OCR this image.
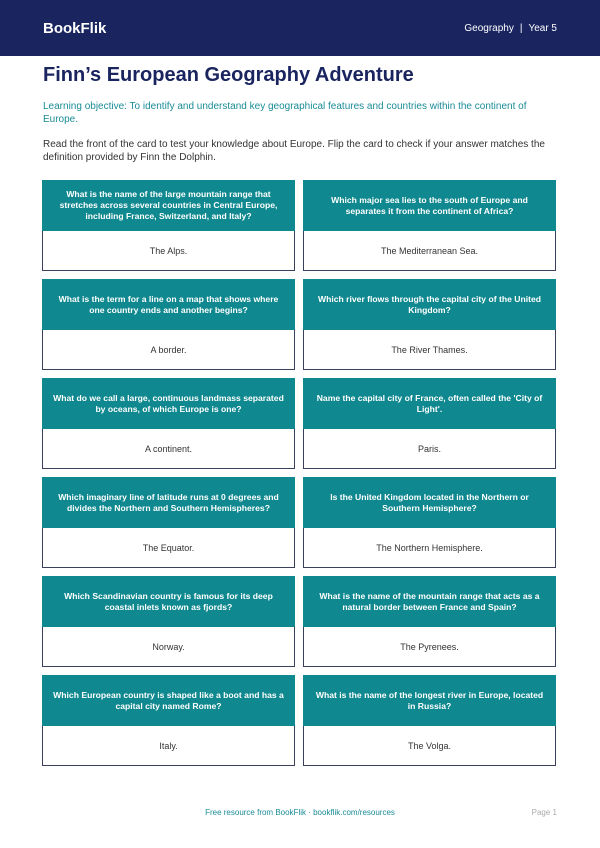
BookFlik	Geography | Year 5
Finn’s European Geography Adventure

Learning objective: To identify and understand key geographical features and countries within the continent of Europe.

Read the front of the card to test your knowledge about Europe. Flip the card to check if your answer matches the definition provided by Finn the Dolphin.

What is the name of the large mountain range that stretches across several countries in Central Europe, including France, Switzerland, and Italy?
The Alps.
Which major sea lies to the south of Europe and separates it from the continent of Africa?
The Mediterranean Sea.
What is the term for a line on a map that shows where one country ends and another begins?
A border.
Which river flows through the capital city of the United Kingdom?
The River Thames.
What do we call a large, continuous landmass separated by oceans, of which Europe is one?
A continent.
Name the capital city of France, often called the 'City of Light'.
Paris.
Which imaginary line of latitude runs at 0 degrees and divides the Northern and Southern Hemispheres?
The Equator.
Is the United Kingdom located in the Northern or Southern Hemisphere?
The Northern Hemisphere.
Which Scandinavian country is famous for its deep coastal inlets known as fjords?
Norway.
What is the name of the mountain range that acts as a natural border between France and Spain?
The Pyrenees.
Which European country is shaped like a boot and has a capital city named Rome?
Italy.
What is the name of the longest river in Europe, located in Russia?
The Volga.
Free resource from BookFlik · bookflik.com/resources	Page 1
